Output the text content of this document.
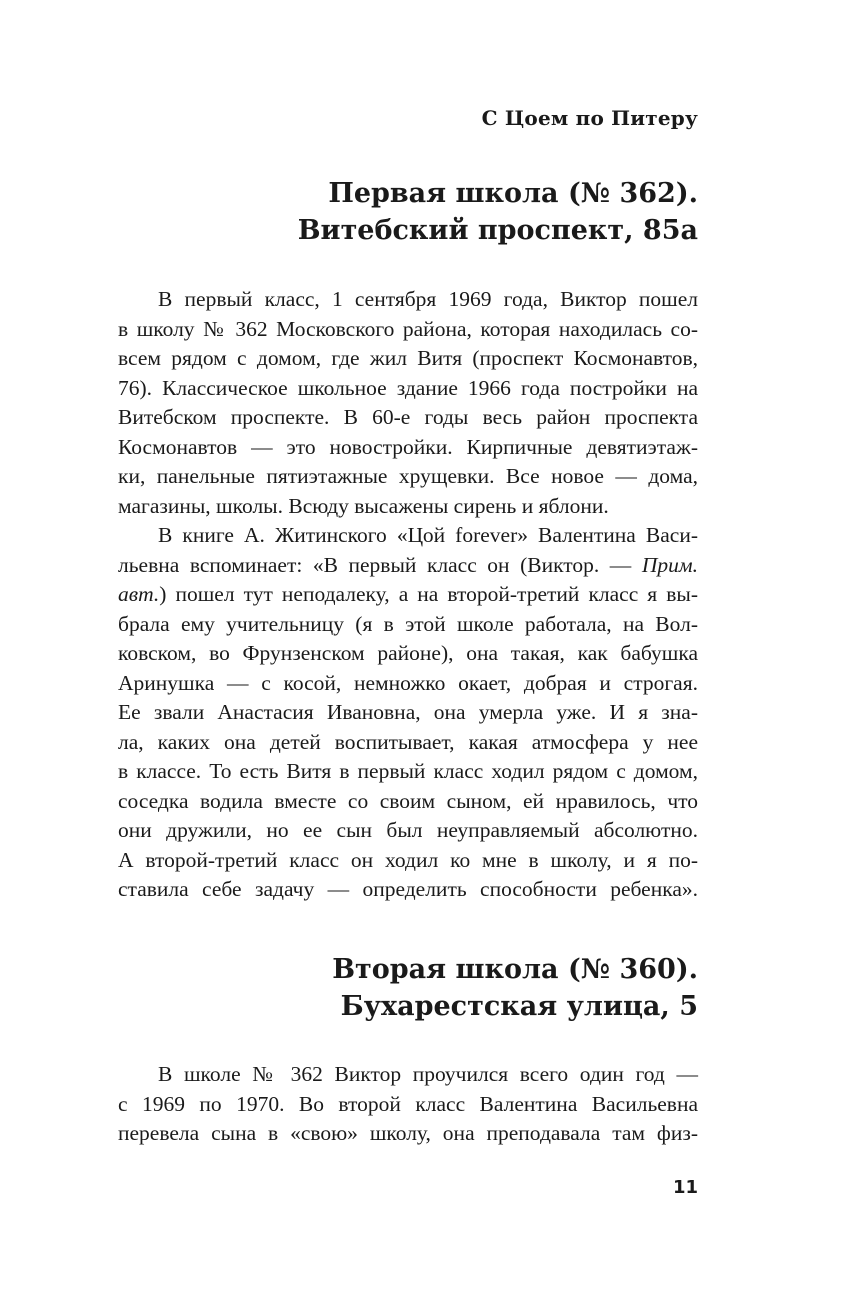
С Цоем по Питеру
Первая школа (№ 362).
Витебский проспект, 85а
В первый класс, 1 сентября 1969 года, Виктор пошел
в школу № 362 Московского района, которая находилась со-
всем рядом с домом, где жил Витя (проспект Космонавтов,
76). Классическое школьное здание 1966 года постройки на
Витебском проспекте. В 60-е годы весь район проспекта
Космонавтов — это новостройки. Кирпичные девятиэтаж-
ки, панельные пятиэтажные хрущевки. Все новое — дома,
магазины, школы. Всюду высажены сирень и яблони.
В книге А. Житинского «Цой forever» Валентина Васи-
льевна вспоминает: «В первый класс он (Виктор. — Прим.
авт.) пошел тут неподалеку, а на второй-третий класс я вы-
брала ему учительницу (я в этой школе работала, на Вол-
ковском, во Фрунзенском районе), она такая, как бабушка
Аринушка — с косой, немножко окает, добрая и строгая.
Ее звали Анастасия Ивановна, она умерла уже. И я зна-
ла, каких она детей воспитывает, какая атмосфера у нее
в классе. То есть Витя в первый класс ходил рядом с домом,
соседка водила вместе со своим сыном, ей нравилось, что
они дружили, но ее сын был неуправляемый абсолютно.
А второй-третий класс он ходил ко мне в школу, и я по-
ставила себе задачу — определить способности ребенка».
Вторая школа (№ 360).
Бухарестская улица, 5
В школе № 362 Виктор проучился всего один год —
с 1969 по 1970. Во второй класс Валентина Васильевна
перевела сына в «свою» школу, она преподавала там физ-
11
